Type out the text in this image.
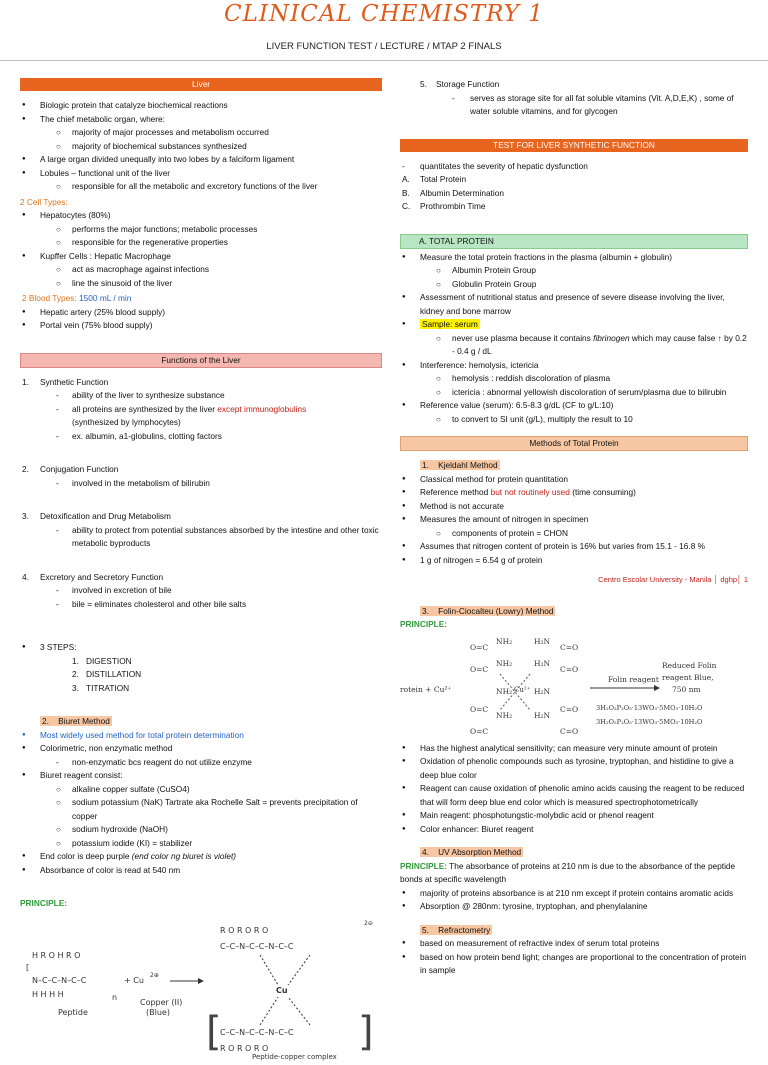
CLINICAL CHEMISTRY 1
LIVER FUNCTION TEST / LECTURE / MTAP 2 FINALS
Liver
● Biologic protein that catalyze biochemical reactions
● The chief metabolic organ, where:
○ majority of major processes and metabolism occurred
○ majority of biochemical substances synthesized
● A large organ divided unequally into two lobes by a falciform ligament
● Lobules – functional unit of the liver
○ responsible for all the metabolic and excretory functions of the liver
2 Cell Types:
● Hepatocytes (80%)
○ performs the major functions; metabolic processes
○ responsible for the regenerative properties
● Kupffer Cells : Hepatic Macrophage
○ act as macrophage against infections
○ line the sinusoid of the liver
2 Blood Types: 1500 mL / min
● Hepatic artery (25% blood supply)
● Portal vein (75% blood supply)
Functions of the Liver
1. Synthetic Function
- ability of the liver to synthesize substance
- all proteins are synthesized by the liver except immunoglobulins
(synthesized by lymphocytes)
- ex. albumin, a1-globulins, clotting factors
2. Conjugation Function
- involved in the metabolism of bilirubin
3. Detoxification and Drug Metabolism
- ability to protect from potential substances absorbed by the intestine and other toxic metabolic byproducts
4. Excretory and Secretory Function
- involved in excretion of bile
- bile = eliminates cholesterol and other bile salts
● 3 STEPS:
1. DIGESTION
2. DISTILLATION
3. TITRATION
2. Biuret Method
● Most widely used method for total protein determination
● Colorimetric, non enzymatic method
- non-enzymatic bcs reagent do not utilize enzyme
● Biuret reagent consist:
○ alkaline copper sulfate (CuSO4)
○ sodium potassium (NaK) Tartrate aka Rochelle Salt = prevents precipitation of copper
○ sodium hydroxide (NaOH)
○ potassium iodide (KI) = stabilizer
● End color is deep purple (end color ng biuret is violet)
● Absorbance of color is read at 540 nm
PRINCIPLE:
H R O H R O
[
N–C–C–N–C–C
H H H H	n
Peptide
+ Cu
2⊕
Copper (II)
(Blue) [	]
2⊖
R O R O R O
C–C–N–C–C–N–C–C
Cu
C–C–N–C–C–N–C–C
R O R O R O
Peptide-copper complex
5. Storage Function
- serves as storage site for all fat soluble vitamins (Vit. A,D,E,K) , some of water soluble vitamins, and for glycogen
TEST FOR LIVER SYNTHETIC FUNCTION
- quantitates the severity of hepatic dysfunction
A. Total Protein
B. Albumin Determination
C. Prothrombin Time
A. TOTAL PROTEIN
● Measure the total protein fractions in the plasma (albumin + globulin)
○ Albumin Protein Group
○ Globulin Protein Group
● Assessment of nutritional status and presence of severe disease involving the liver, kidney and bone marrow
● Sample: serum
○ never use plasma because it contains fibrinogen which may cause false ↑ by 0.2 - 0.4 g / dL
● Interference: hemolysis, ictericia
○ hemolysis : reddish discoloration of plasma
○ ictericia : abnormal yellowish discoloration of serum/plasma due to bilirubin
● Reference value (serum): 6.5-8.3 g/dL (CF to g/L:10)
○ to convert to SI unit (g/L), multiply the result to 10
Methods of Total Protein
1. Kjeldahl Method
● Classical method for protein quantitation
● Reference method but not routinely used (time consuming)
● Method is not accurate
● Measures the amount of nitrogen in specimen
○ components of protein = CHON
● Assumes that nitrogen content of protein is 16% but varies from 15.1 - 16.8 %
● 1 g of nitrogen = 6.54 g of protein
Centro Escolar University - Manila │ dghp│ 1
3. Folin-Ciocalteu (Lowry) Method
PRINCIPLE:
rotein + Cu²⁺
O=C
NH₂
O=C
NH₂
NH₂
O=C
NH₂
O=C
Cu²⁺
H₂N
C=O
H₂N
C=O
H₂N
H₂N
C=O
C=O
Folin reagent
Reduced Folin
reagent Blue,
750 nm
3H₂O₂P₂O₅·13WO₃·5MO₃·10H₂O
3H₂O₂P₂O₅·13WO₃·5MO₃·10H₂O
● Has the highest analytical sensitivity; can measure very minute amount of protein
● Oxidation of phenolic compounds such as tyrosine, tryptophan, and histidine to give a deep blue color
● Reagent can cause oxidation of phenolic amino acids causing the reagent to be reduced that will form deep blue end color which is measured spectrophotometrically
● Main reagent: phosphotungstic-molybdic acid or phenol reagent
● Color enhancer: Biuret reagent
4. UV Absorption Method
PRINCIPLE: The absorbance of proteins at 210 nm is due to the absorbance of the peptide bonds at specific wavelength
● majority of proteins absorbance is at 210 nm except if protein contains aromatic acids
● Absorption @ 280nm: tyrosine, tryptophan, and phenylalanine
5. Refractometry
● based on measurement of refractive index of serum total proteins
● based on how protein bend light; changes are proportional to the concentration of protein in sample
